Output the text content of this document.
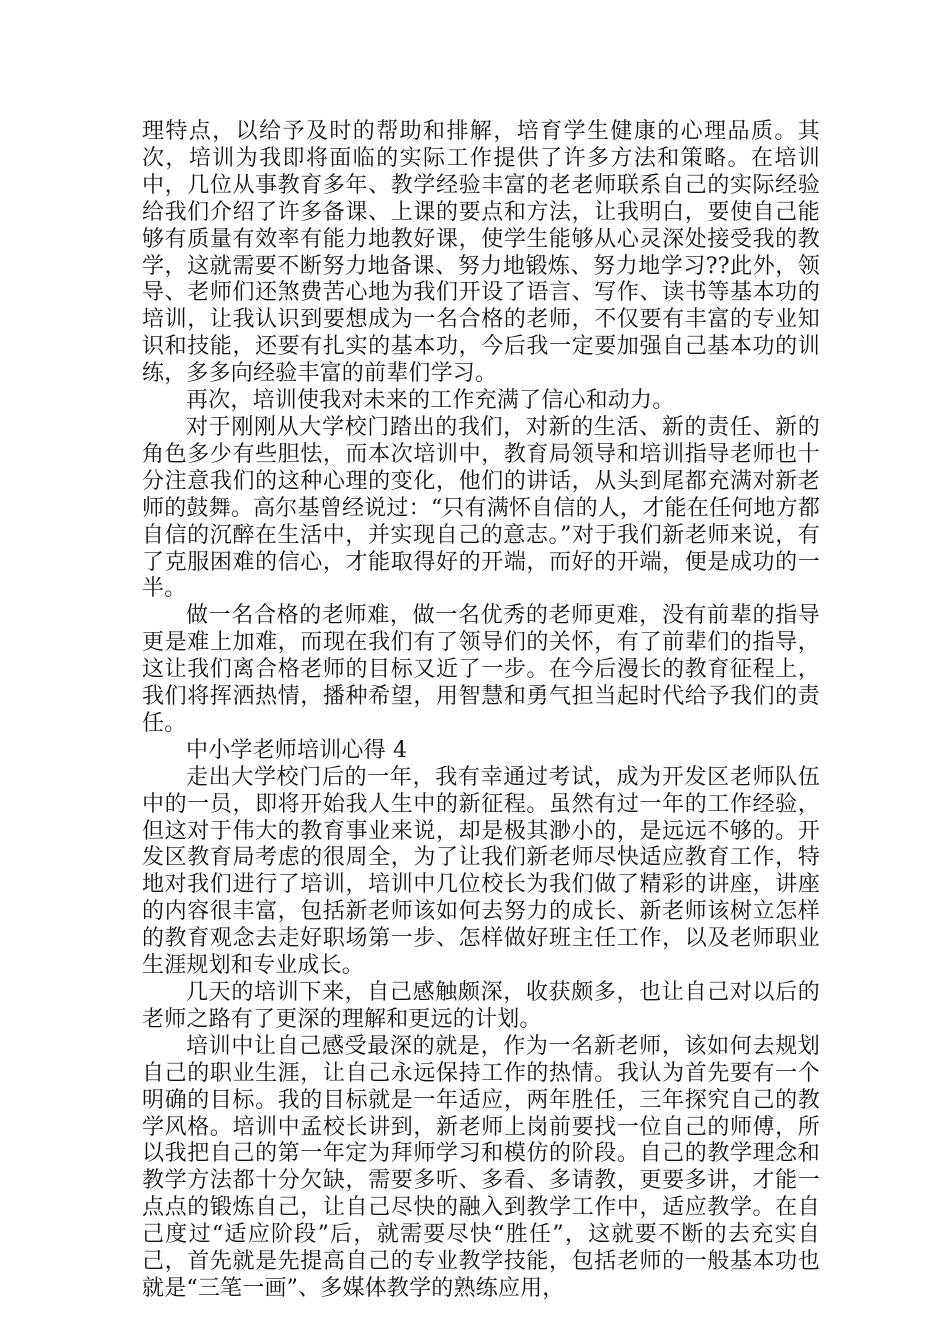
理特点，以给予及时的帮助和排解，培育学生健康的心理品质。其次，培训为我即将面临的实际工作提供了许多方法和策略。在培训中，几位从事教育多年、教学经验丰富的老老师联系自己的实际经验给我们介绍了许多备课、上课的要点和方法，让我明白，要使自己能够有质量有效率有能力地教好课，使学生能够从心灵深处接受我的教学，这就需要不断努力地备课、努力地锻炼、努力地学习??此外，领导、老师们还煞费苦心地为我们开设了语言、写作、读书等基本功的培训，让我认识到要想成为一名合格的老师，不仅要有丰富的专业知识和技能，还要有扎实的基本功，今后我一定要加强自己基本功的训练，多多向经验丰富的前辈们学习。

再次，培训使我对未来的工作充满了信心和动力。

对于刚刚从大学校门踏出的我们，对新的生活、新的责任、新的角色多少有些胆怯，而本次培训中，教育局领导和培训指导老师也十分注意我们的这种心理的变化，他们的讲话，从头到尾都充满对新老师的鼓舞。高尔基曾经说过：“只有满怀自信的人，才能在任何地方都自信的沉醉在生活中，并实现自己的意志。”对于我们新老师来说，有了克服困难的信心，才能取得好的开端，而好的开端，便是成功的一半。

做一名合格的老师难，做一名优秀的老师更难，没有前辈的指导更是难上加难，而现在我们有了领导们的关怀，有了前辈们的指导，这让我们离合格老师的目标又近了一步。在今后漫长的教育征程上，我们将挥洒热情，播种希望，用智慧和勇气担当起时代给予我们的责任。

中小学老师培训心得 4

走出大学校门后的一年，我有幸通过考试，成为开发区老师队伍中的一员，即将开始我人生中的新征程。虽然有过一年的工作经验，但这对于伟大的教育事业来说，却是极其渺小的，是远远不够的。开发区教育局考虑的很周全，为了让我们新老师尽快适应教育工作，特地对我们进行了培训，培训中几位校长为我们做了精彩的讲座，讲座的内容很丰富，包括新老师该如何去努力的成长、新老师该树立怎样的教育观念去走好职场第一步、怎样做好班主任工作，以及老师职业生涯规划和专业成长。

几天的培训下来，自己感触颇深，收获颇多，也让自己对以后的老师之路有了更深的理解和更远的计划。

培训中让自己感受最深的就是，作为一名新老师，该如何去规划自己的职业生涯，让自己永远保持工作的热情。我认为首先要有一个明确的目标。我的目标就是一年适应，两年胜任，三年探究自己的教学风格。培训中孟校长讲到，新老师上岗前要找一位自己的师傅，所以我把自己的第一年定为拜师学习和模仿的阶段。自己的教学理念和教学方法都十分欠缺，需要多听、多看、多请教，更要多讲，才能一点点的锻炼自己，让自己尽快的融入到教学工作中，适应教学。在自己度过“适应阶段”后，就需要尽快“胜任”，这就要不断的去充实自己，首先就是先提高自己的专业教学技能，包括老师的一般基本功也就是“三笔一画”、多媒体教学的熟练应用，
